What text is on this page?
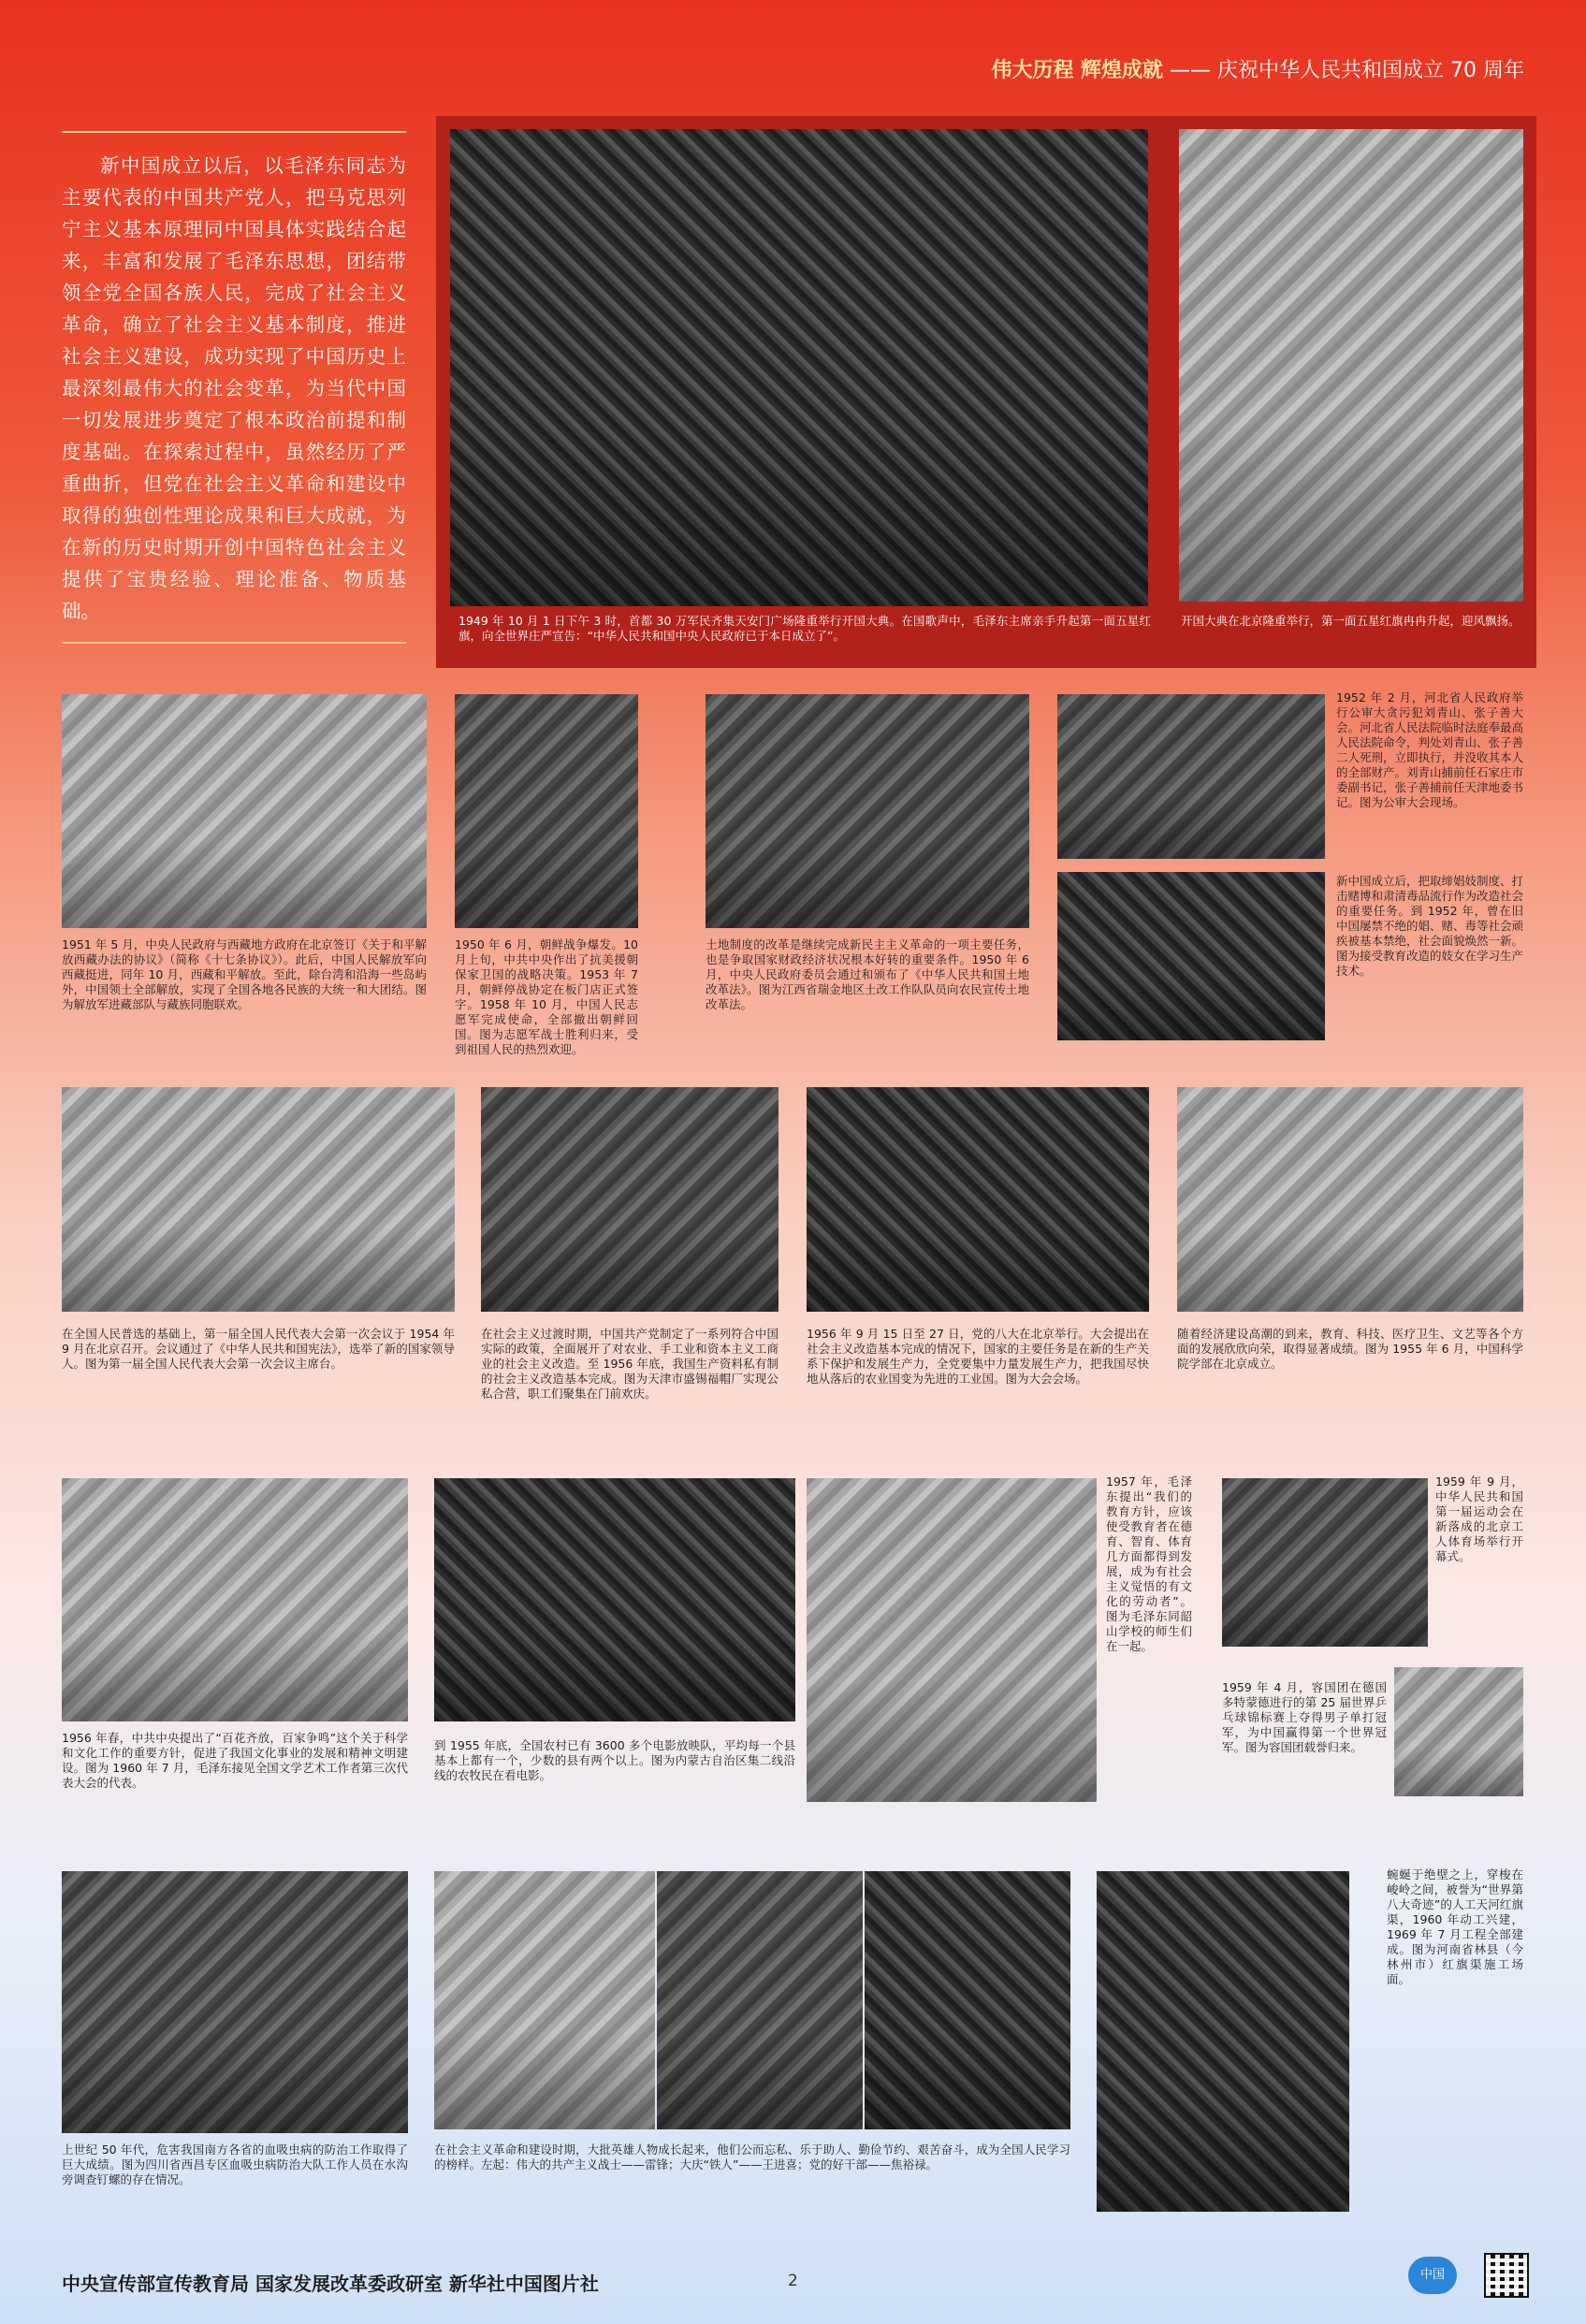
伟大历程 辉煌成就 —— 庆祝中华人民共和国成立 70 周年
新中国成立以后，以毛泽东同志为主要代表的中国共产党人，把马克思列宁主义基本原理同中国具体实践结合起来，丰富和发展了毛泽东思想，团结带领全党全国各族人民，完成了社会主义革命，确立了社会主义基本制度，推进社会主义建设，成功实现了中国历史上最深刻最伟大的社会变革，为当代中国一切发展进步奠定了根本政治前提和制度基础。在探索过程中，虽然经历了严重曲折，但党在社会主义革命和建设中取得的独创性理论成果和巨大成就，为在新的历史时期开创中国特色社会主义提供了宝贵经验、理论准备、物质基础。	1949 年 10 月 1 日下午 3 时，首都 30 万军民齐集天安门广场隆重举行开国大典。在国歌声中，毛泽东主席亲手升起第一面五星红旗，向全世界庄严宣告：“中华人民共和国中央人民政府已于本日成立了”。
开国大典在北京隆重举行，第一面五星红旗冉冉升起，迎风飘扬。
1951 年 5 月，中央人民政府与西藏地方政府在北京签订《关于和平解放西藏办法的协议》（简称《十七条协议》）。此后，中国人民解放军向西藏挺进，同年 10 月，西藏和平解放。至此，除台湾和沿海一些岛屿外，中国领土全部解放，实现了全国各地各民族的大统一和大团结。图为解放军进藏部队与藏族同胞联欢。
1950 年 6 月，朝鲜战争爆发。10 月上旬，中共中央作出了抗美援朝保家卫国的战略决策。1953 年 7 月，朝鲜停战协定在板门店正式签字。1958 年 10 月，中国人民志愿军完成使命，全部撤出朝鲜回国。图为志愿军战士胜利归来，受到祖国人民的热烈欢迎。
土地制度的改革是继续完成新民主主义革命的一项主要任务，也是争取国家财政经济状况根本好转的重要条件。1950 年 6 月，中央人民政府委员会通过和颁布了《中华人民共和国土地改革法》。图为江西省瑞金地区土改工作队队员向农民宣传土地改革法。
1952 年 2 月，河北省人民政府举行公审大贪污犯刘青山、张子善大会。河北省人民法院临时法庭奉最高人民法院命令，判处刘青山、张子善二人死刑，立即执行，并没收其本人的全部财产。刘青山捕前任石家庄市委副书记，张子善捕前任天津地委书记。图为公审大会现场。
新中国成立后，把取缔娼妓制度、打击赌博和肃清毒品流行作为改造社会的重要任务。到 1952 年，曾在旧中国屡禁不绝的娼、赌、毒等社会顽疾被基本禁绝，社会面貌焕然一新。图为接受教育改造的妓女在学习生产技术。
在全国人民普选的基础上，第一届全国人民代表大会第一次会议于 1954 年 9 月在北京召开。会议通过了《中华人民共和国宪法》，选举了新的国家领导人。图为第一届全国人民代表大会第一次会议主席台。
在社会主义过渡时期，中国共产党制定了一系列符合中国实际的政策，全面展开了对农业、手工业和资本主义工商业的社会主义改造。至 1956 年底，我国生产资料私有制的社会主义改造基本完成。图为天津市盛锡福帽厂实现公私合营，职工们聚集在门前欢庆。
1956 年 9 月 15 日至 27 日，党的八大在北京举行。大会提出在社会主义改造基本完成的情况下，国家的主要任务是在新的生产关系下保护和发展生产力，全党要集中力量发展生产力，把我国尽快地从落后的农业国变为先进的工业国。图为大会会场。
随着经济建设高潮的到来，教育、科技、医疗卫生、文艺等各个方面的发展欣欣向荣，取得显著成绩。图为 1955 年 6 月，中国科学院学部在北京成立。
1956 年春，中共中央提出了“百花齐放，百家争鸣”这个关于科学和文化工作的重要方针，促进了我国文化事业的发展和精神文明建设。图为 1960 年 7 月，毛泽东接见全国文学艺术工作者第三次代表大会的代表。
到 1955 年底，全国农村已有 3600 多个电影放映队，平均每一个县基本上都有一个，少数的县有两个以上。图为内蒙古自治区集二线沿线的农牧民在看电影。
1957 年，毛泽东提出“我们的教育方针，应该使受教育者在德育、智育、体育几方面都得到发展，成为有社会主义觉悟的有文化的劳动者”。图为毛泽东同韶山学校的师生们在一起。
1959 年 9 月，中华人民共和国第一届运动会在新落成的北京工人体育场举行开幕式。
1959 年 4 月，容国团在德国多特蒙德进行的第 25 届世界乒乓球锦标赛上夺得男子单打冠军，为中国赢得第一个世界冠军。图为容国团载誉归来。
上世纪 50 年代，危害我国南方各省的血吸虫病的防治工作取得了巨大成绩。图为四川省西昌专区血吸虫病防治大队工作人员在水沟旁调查钉螺的存在情况。
在社会主义革命和建设时期，大批英雄人物成长起来，他们公而忘私、乐于助人、勤俭节约、艰苦奋斗，成为全国人民学习的榜样。左起：伟大的共产主义战士——雷锋；大庆“铁人”——王进喜；党的好干部——焦裕禄。
蜿蜒于绝壁之上，穿梭在峻岭之间，被誉为“世界第八大奇迹”的人工天河红旗渠，1960 年动工兴建，1969 年 7 月工程全部建成。图为河南省林县（今林州市）红旗渠施工场面。
中央宣传部宣传教育局 国家发展改革委政研室 新华社中国图片社	2	中国
